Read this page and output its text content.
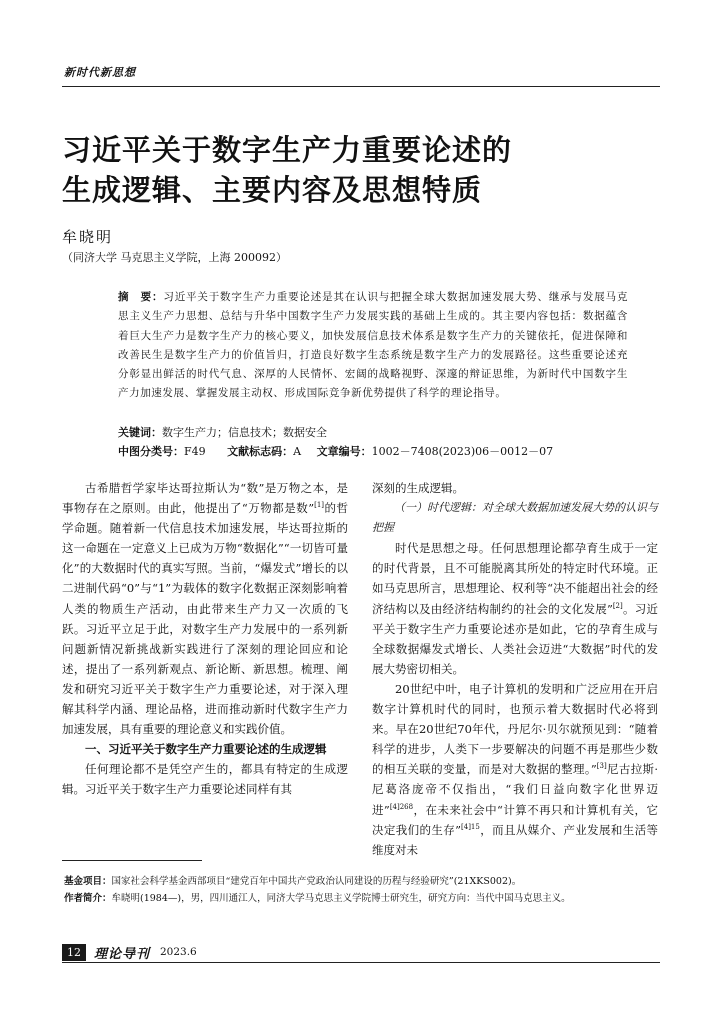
新时代新思想
习近平关于数字生产力重要论述的
生成逻辑、主要内容及思想特质
牟晓明
（同济大学 马克思主义学院，上海 200092）
摘　要：习近平关于数字生产力重要论述是其在认识与把握全球大数据加速发展大势、继承与发展马克思主义生产力思想、总结与升华中国数字生产力发展实践的基础上生成的。其主要内容包括：数据蕴含着巨大生产力是数字生产力的核心要义，加快发展信息技术体系是数字生产力的关键依托，促进保障和改善民生是数字生产力的价值旨归，打造良好数字生态系统是数字生产力的发展路径。这些重要论述充分彰显出鲜活的时代气息、深厚的人民情怀、宏阔的战略视野、深邃的辩证思维，为新时代中国数字生产力加速发展、掌握发展主动权、形成国际竞争新优势提供了科学的理论指导。
关键词：数字生产力；信息技术；数据安全
中图分类号：F49 文献标志码：A 文章编号：1002－7408(2023)06－0012－07

古希腊哲学家毕达哥拉斯认为“数”是万物之本，是事物存在之原则。由此，他提出了“万物都是数”[1]的哲学命题。随着新一代信息技术加速发展，毕达哥拉斯的这一命题在一定意义上已成为万物“数据化”“一切皆可量化”的大数据时代的真实写照。当前，“爆发式”增长的以二进制代码“0”与“1”为载体的数字化数据正深刻影响着人类的物质生产活动，由此带来生产力又一次质的飞跃。习近平立足于此，对数字生产力发展中的一系列新问题新情况新挑战新实践进行了深刻的理论回应和论述，提出了一系列新观点、新论断、新思想。梳理、阐发和研究习近平关于数字生产力重要论述，对于深入理解其科学内涵、理论品格，进而推动新时代数字生产力加速发展，具有重要的理论意义和实践价值。

一、习近平关于数字生产力重要论述的生成逻辑

任何理论都不是凭空产生的，都具有特定的生成逻辑。习近平关于数字生产力重要论述同样有其

深刻的生成逻辑。

（一）时代逻辑：对全球大数据加速发展大势的认识与把握

时代是思想之母。任何思想理论都孕育生成于一定的时代背景，且不可能脱离其所处的特定时代环境。正如马克思所言，思想理论、权利等“决不能超出社会的经济结构以及由经济结构制约的社会的文化发展”[2]。习近平关于数字生产力重要论述亦是如此，它的孕育生成与全球数据爆发式增长、人类社会迈进“大数据”时代的发展大势密切相关。

20世纪中叶，电子计算机的发明和广泛应用在开启数字计算机时代的同时，也预示着大数据时代必将到来。早在20世纪70年代，丹尼尔·贝尔就预见到：“随着科学的进步，人类下一步要解决的问题不再是那些少数的相互关联的变量，而是对大数据的整理。”[3]尼古拉斯·尼葛洛庞帝不仅指出，“我们日益向数字化世界迈进”$^{[4]268}$，在未来社会中“计算不再只和计算机有关，它决定我们的生存”$^{[4]15}$，而且从媒介、产业发展和生活等维度对未

基金项目：国家社会科学基金西部项目“建党百年中国共产党政治认同建设的历程与经验研究”(21XKS002)。
作者简介：牟晓明(1984—)，男，四川通江人，同济大学马克思主义学院博士研究生，研究方向：当代中国马克思主义。
12	理论导刊 2023.6
